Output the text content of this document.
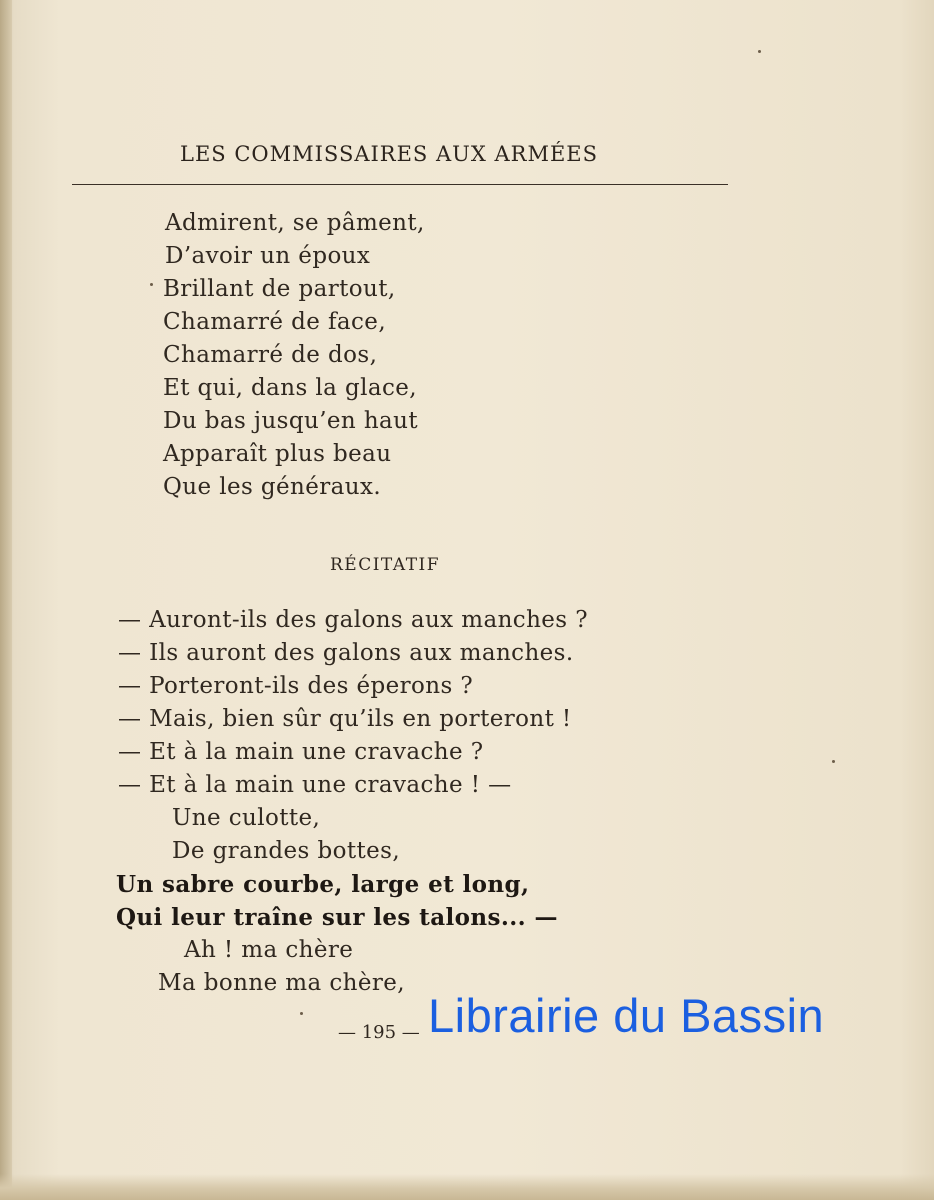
LES COMMISSAIRES AUX ARMÉES
Admirent, se pâment,
D’avoir un époux
Brillant de partout,
Chamarré de face,
Chamarré de dos,
Et qui, dans la glace,
Du bas jusqu’en haut
Apparaît plus beau
Que les généraux.
RÉCITATIF
— Auront-ils des galons aux manches ?
— Ils auront des galons aux manches.
— Porteront-ils des éperons ?
— Mais, bien sûr qu’ils en porteront !
— Et à la main une cravache ?
— Et à la main une cravache ! —
Une culotte,
De grandes bottes,
Un sabre courbe, large et long,
Qui leur traîne sur les talons... —
Ah ! ma chère
Ma bonne ma chère,
— 195 — Librairie du Bassin
